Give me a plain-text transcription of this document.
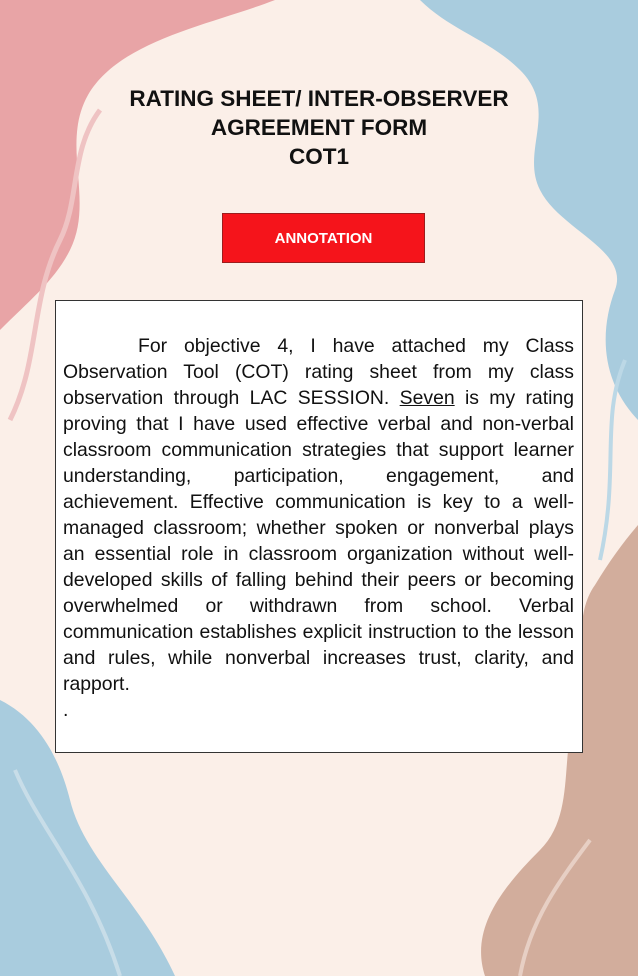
RATING SHEET/ INTER-OBSERVER
AGREEMENT FORM
COT1
ANNOTATION

For objective 4, I have attached my Class Observation Tool (COT) rating sheet from my class observation through LAC SESSION. Seven is my rating proving that I have used effective verbal and non-verbal classroom communication strategies that support learner understanding, participation, engagement, and achievement. Effective communication is key to a well-managed classroom; whether spoken or nonverbal plays an essential role in classroom organization without well-developed skills of falling behind their peers or becoming overwhelmed or withdrawn from school. Verbal communication establishes explicit instruction to the lesson and rules, while nonverbal increases trust, clarity, and rapport.

.
